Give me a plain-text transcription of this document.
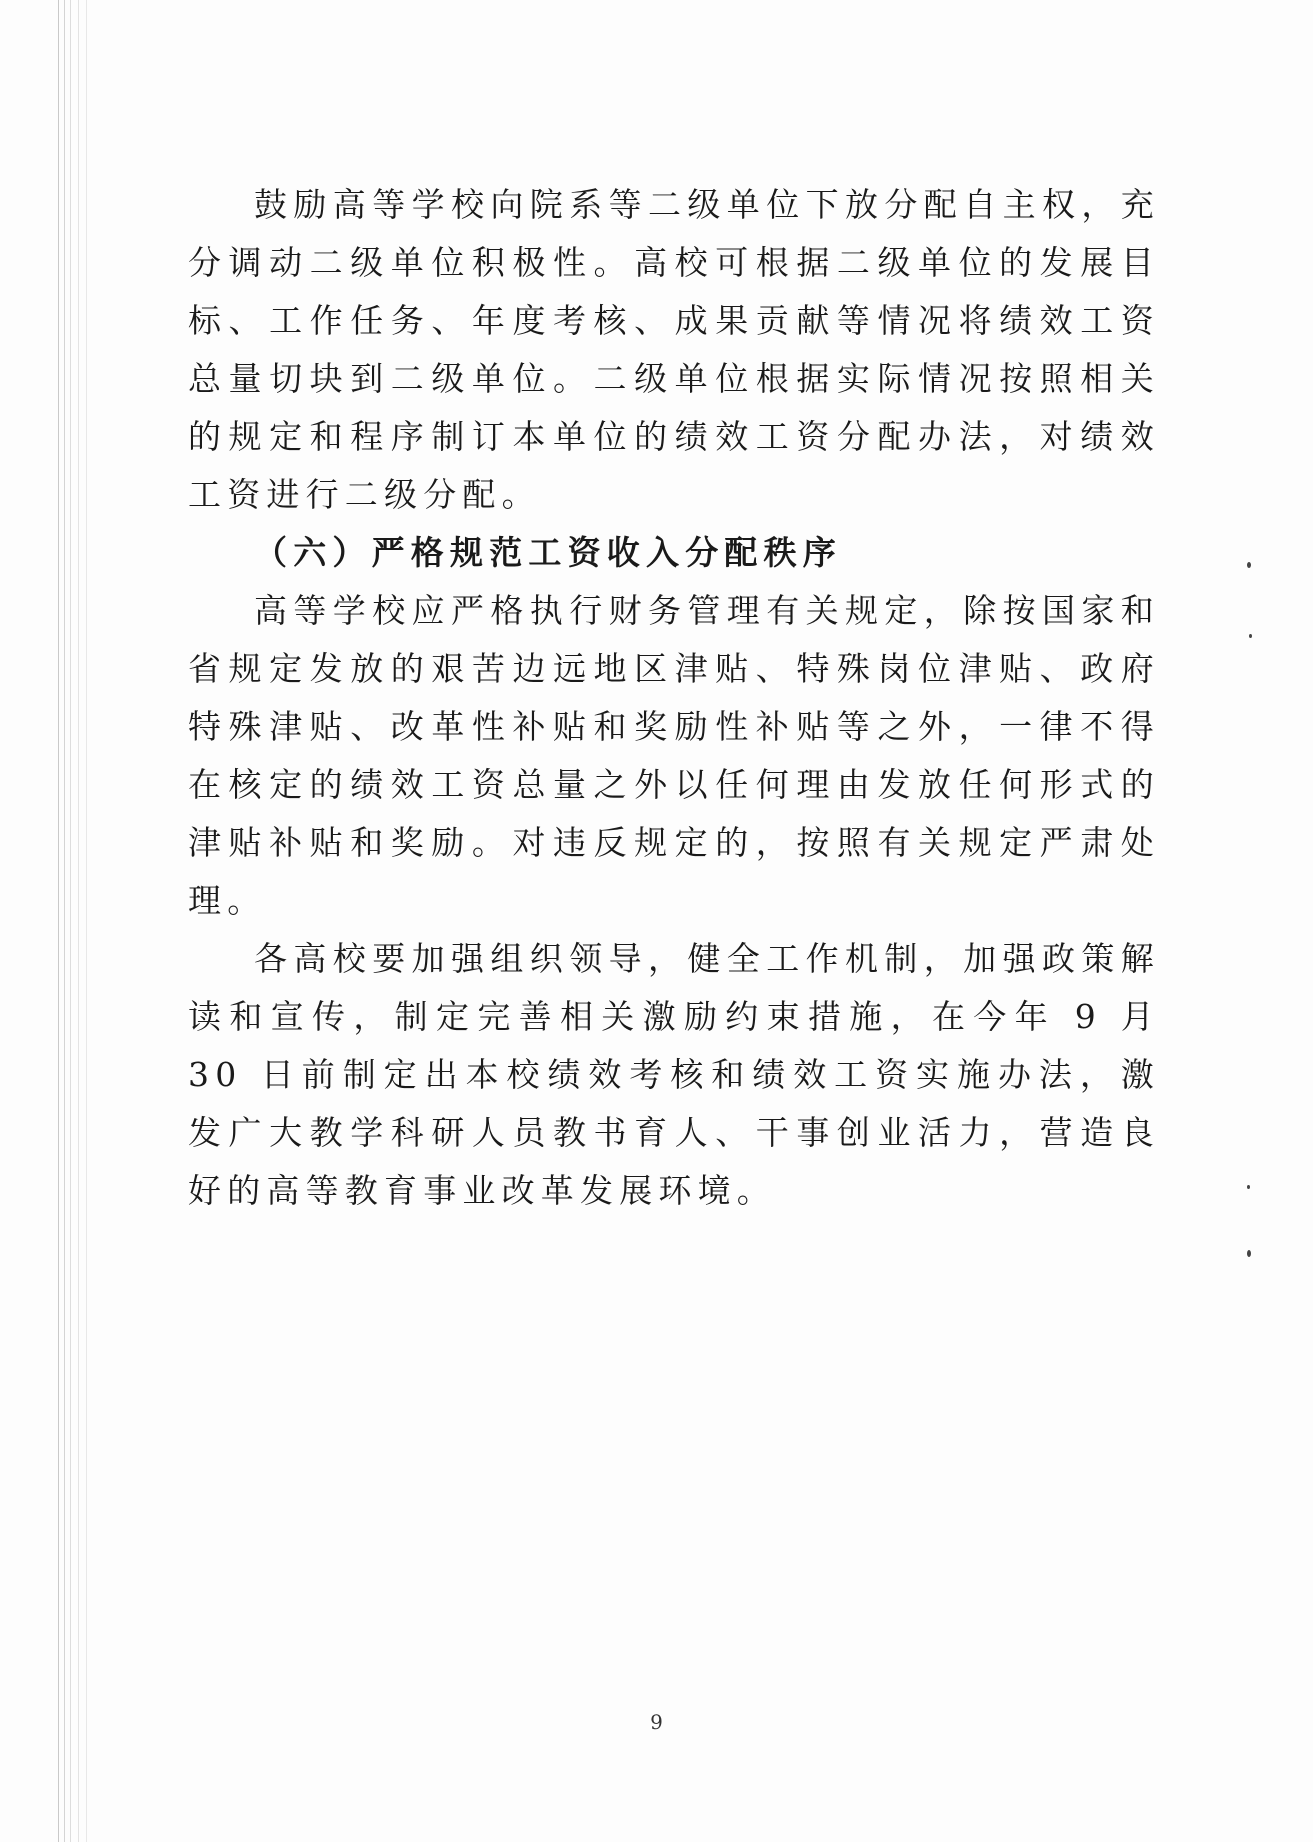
鼓励高等学校向院系等二级单位下放分配自主权，充分调动二级单位积极性。高校可根据二级单位的发展目标、工作任务、年度考核、成果贡献等情况将绩效工资总量切块到二级单位。二级单位根据实际情况按照相关的规定和程序制订本单位的绩效工资分配办法，对绩效工资进行二级分配。

（六）严格规范工资收入分配秩序

高等学校应严格执行财务管理有关规定，除按国家和省规定发放的艰苦边远地区津贴、特殊岗位津贴、政府特殊津贴、改革性补贴和奖励性补贴等之外，一律不得在核定的绩效工资总量之外以任何理由发放任何形式的津贴补贴和奖励。对违反规定的，按照有关规定严肃处理。

各高校要加强组织领导，健全工作机制，加强政策解读和宣传，制定完善相关激励约束措施，在今年 9 月 30 日前制定出本校绩效考核和绩效工资实施办法，激发广大教学科研人员教书育人、干事创业活力，营造良好的高等教育事业改革发展环境。

9
